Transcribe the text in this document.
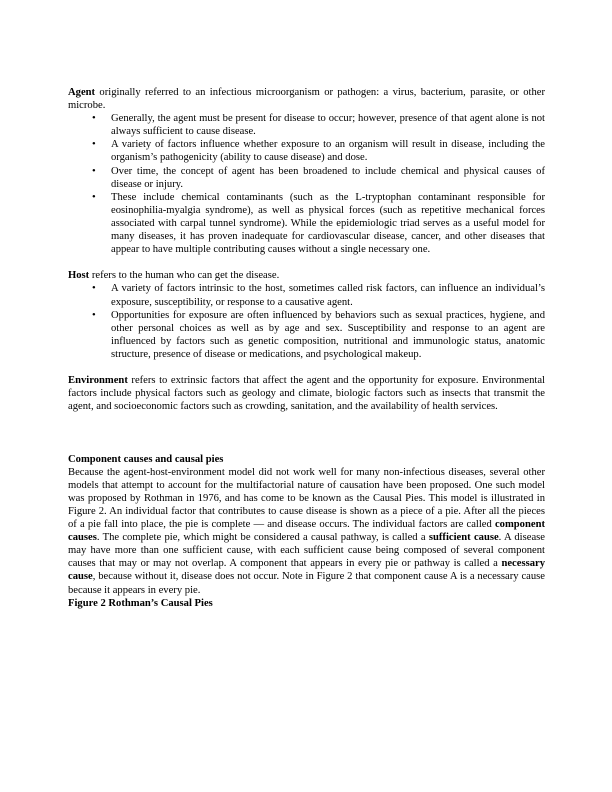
Agent originally referred to an infectious microorganism or pathogen: a virus, bacterium, parasite, or other microbe.

• Generally, the agent must be present for disease to occur; however, presence of that agent alone is not always sufficient to cause disease.
• A variety of factors influence whether exposure to an organism will result in disease, including the organism’s pathogenicity (ability to cause disease) and dose.
• Over time, the concept of agent has been broadened to include chemical and physical causes of disease or injury.
• These include chemical contaminants (such as the L-tryptophan contaminant responsible for eosinophilia-myalgia syndrome), as well as physical forces (such as repetitive mechanical forces associated with carpal tunnel syndrome). While the epidemiologic triad serves as a useful model for many diseases, it has proven inadequate for cardiovascular disease, cancer, and other diseases that appear to have multiple contributing causes without a single necessary one.

Host refers to the human who can get the disease.

• A variety of factors intrinsic to the host, sometimes called risk factors, can influence an individual’s exposure, susceptibility, or response to a causative agent.
• Opportunities for exposure are often influenced by behaviors such as sexual practices, hygiene, and other personal choices as well as by age and sex. Susceptibility and response to an agent are influenced by factors such as genetic composition, nutritional and immunologic status, anatomic structure, presence of disease or medications, and psychological makeup.

Environment refers to extrinsic factors that affect the agent and the opportunity for exposure. Environmental factors include physical factors such as geology and climate, biologic factors such as insects that transmit the agent, and socioeconomic factors such as crowding, sanitation, and the availability of health services.

Component causes and causal pies

Because the agent-host-environment model did not work well for many non-infectious diseases, several other models that attempt to account for the multifactorial nature of causation have been proposed. One such model was proposed by Rothman in 1976, and has come to be known as the Causal Pies. This model is illustrated in Figure 2. An individual factor that contributes to cause disease is shown as a piece of a pie. After all the pieces of a pie fall into place, the pie is complete — and disease occurs. The individual factors are called component causes. The complete pie, which might be considered a causal pathway, is called a sufficient cause. A disease may have more than one sufficient cause, with each sufficient cause being composed of several component causes that may or may not overlap. A component that appears in every pie or pathway is called a necessary cause, because without it, disease does not occur. Note in Figure 2 that component cause A is a necessary cause because it appears in every pie.

Figure 2 Rothman’s Causal Pies
